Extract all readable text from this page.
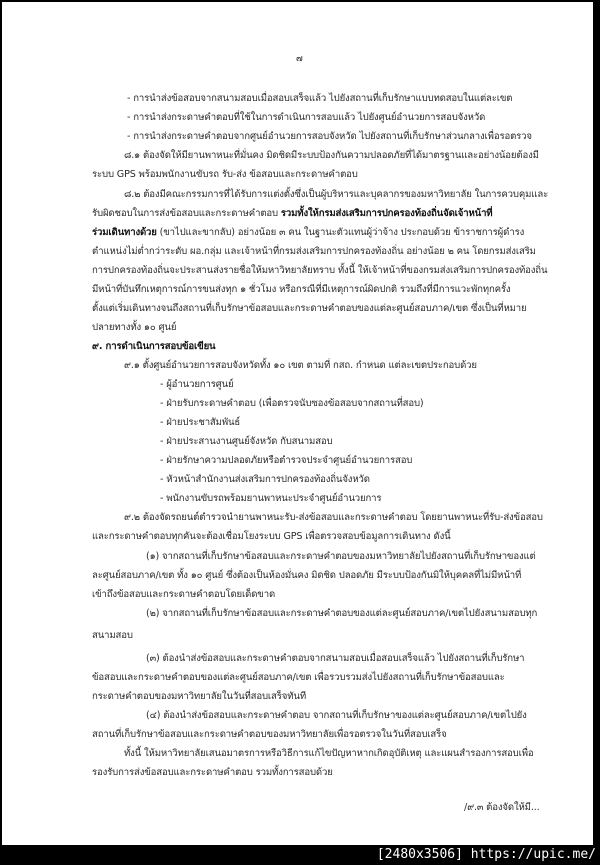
๗
- การนำส่งข้อสอบจากสนามสอบเมื่อสอบเสร็จแล้ว ไปยังสถานที่เก็บรักษาแบบทดสอบในแต่ละเขต
- การนำส่งกระดาษคำตอบที่ใช้ในการดำเนินการสอบแล้ว ไปยังศูนย์อำนวยการสอบจังหวัด
- การนำส่งกระดาษคำตอบจากศูนย์อำนวยการสอบจังหวัด ไปยังสถานที่เก็บรักษาส่วนกลางเพื่อรอตรวจ
๘.๑ ต้องจัดให้มียานพาหนะที่มั่นคง มิดชิดมีระบบป้องกันความปลอดภัยที่ได้มาตรฐานและอย่างน้อยต้องมี
ระบบ GPS พร้อมพนักงานขับรถ รับ-ส่ง ข้อสอบและกระดาษคำตอบ
๘.๒ ต้องมีคณะกรรมการที่ได้รับการแต่งตั้งซึ่งเป็นผู้บริหารและบุคลากรของมหาวิทยาลัย ในการควบคุมและ
รับผิดชอบในการส่งข้อสอบและกระดาษคำตอบ รวมทั้งให้กรมส่งเสริมการปกครองท้องถิ่นจัดเจ้าหน้าที่
ร่วมเดินทางด้วย (ขาไปและขากลับ) อย่างน้อย ๓ คน ในฐานะตัวแทนผู้ว่าจ้าง ประกอบด้วย ข้าราชการผู้ดำรง
ตำแหน่งไม่ต่ำกว่าระดับ ผอ.กลุ่ม และเจ้าหน้าที่กรมส่งเสริมการปกครองท้องถิ่น อย่างน้อย ๒ คน โดยกรมส่งเสริม
การปกครองท้องถิ่นจะประสานส่งรายชื่อให้มหาวิทยาลัยทราบ ทั้งนี้ ให้เจ้าหน้าที่ของกรมส่งเสริมการปกครองท้องถิ่น
มีหน้าที่บันทึกเหตุการณ์การขนส่งทุก ๑ ชั่วโมง หรือกรณีที่มีเหตุการณ์ผิดปกติ รวมถึงที่มีการแวะพักทุกครั้ง
ตั้งแต่เริ่มเดินทางจนถึงสถานที่เก็บรักษาข้อสอบและกระดาษคำตอบของแต่ละศูนย์สอบภาค/เขต ซึ่งเป็นที่หมาย
ปลายทางทั้ง ๑๐ ศูนย์
๙. การดำเนินการสอบข้อเขียน
๙.๑ ตั้งศูนย์อำนวยการสอบจังหวัดทั้ง ๑๐ เขต ตามที่ กสถ. กำหนด แต่ละเขตประกอบด้วย
- ผู้อำนวยการศูนย์
- ฝ่ายรับกระดาษคำตอบ (เพื่อตรวจนับซองข้อสอบจากสถานที่สอบ)
- ฝ่ายประชาสัมพันธ์
- ฝ่ายประสานงานศูนย์จังหวัด กับสนามสอบ
- ฝ่ายรักษาความปลอดภัยหรือตำรวจประจำศูนย์อำนวยการสอบ
- หัวหน้าสำนักงานส่งเสริมการปกครองท้องถิ่นจังหวัด
- พนักงานขับรถพร้อมยานพาหนะประจำศูนย์อำนวยการ
๙.๒ ต้องจัดรถยนต์ตำรวจนำยานพาหนะรับ-ส่งข้อสอบและกระดาษคำตอบ โดยยานพาหนะที่รับ-ส่งข้อสอบ
และกระดาษคำตอบทุกคันจะต้องเชื่อมโยงระบบ GPS เพื่อตรวจสอบข้อมูลการเดินทาง ดังนี้
(๑) จากสถานที่เก็บรักษาข้อสอบและกระดาษคำตอบของมหาวิทยาลัยไปยังสถานที่เก็บรักษาของแต่
ละศูนย์สอบภาค/เขต ทั้ง ๑๐ ศูนย์ ซึ่งต้องเป็นห้องมั่นคง มิดชิด ปลอดภัย มีระบบป้องกันมิให้บุคคลที่ไม่มีหน้าที่
เข้าถึงข้อสอบและกระดาษคำตอบโดยเด็ดขาด
(๒) จากสถานที่เก็บรักษาข้อสอบและกระดาษคำตอบของแต่ละศูนย์สอบภาค/เขตไปยังสนามสอบทุก
สนามสอบ
(๓) ต้องนำส่งข้อสอบและกระดาษคำตอบจากสนามสอบเมื่อสอบเสร็จแล้ว ไปยังสถานที่เก็บรักษา
ข้อสอบและกระดาษคำตอบของแต่ละศูนย์สอบภาค/เขต เพื่อรวบรวมส่งไปยังสถานที่เก็บรักษาข้อสอบและ
กระดาษคำตอบของมหาวิทยาลัยในวันที่สอบเสร็จทันที
(๔) ต้องนำส่งข้อสอบและกระดาษคำตอบ จากสถานที่เก็บรักษาของแต่ละศูนย์สอบภาค/เขตไปยัง
สถานที่เก็บรักษาข้อสอบและกระดาษคำตอบของมหาวิทยาลัยเพื่อรอตรวจในวันที่สอบเสร็จ
ทั้งนี้ ให้มหาวิทยาลัยเสนอมาตรการหรือวิธีการแก้ไขปัญหาหากเกิดอุบัติเหตุ และแผนสำรองการสอบเพื่อ
รองรับการส่งข้อสอบและกระดาษคำตอบ รวมทั้งการสอบด้วย
/๙.๓ ต้องจัดให้มี...
[2480x3506] https://upic.me/
